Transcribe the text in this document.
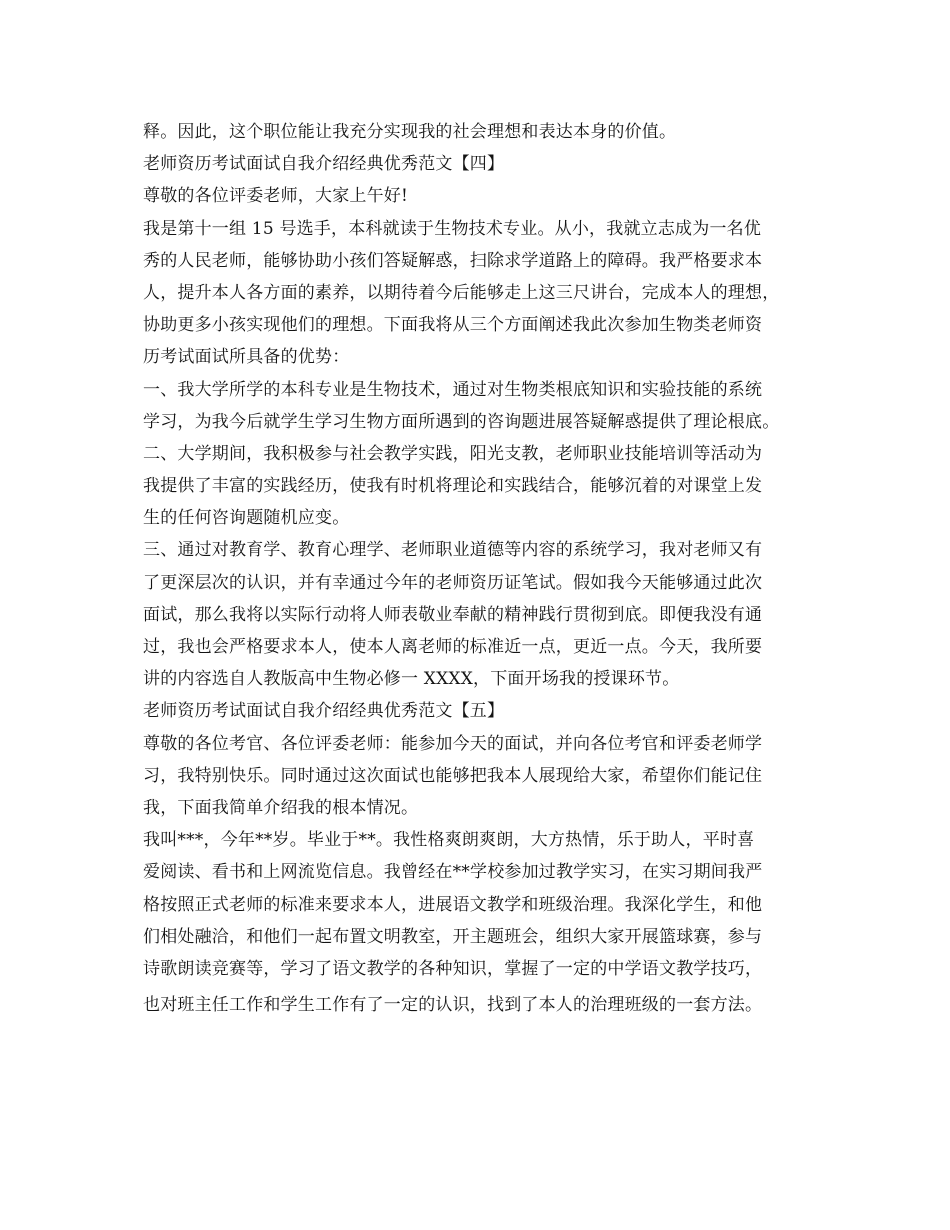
释。因此，这个职位能让我充分实现我的社会理想和表达本身的价值。
老师资历考试面试自我介绍经典优秀范文【四】
尊敬的各位评委老师，大家上午好!
我是第十一组 15 号选手，本科就读于生物技术专业。从小，我就立志成为一名优
秀的人民老师，能够协助小孩们答疑解惑，扫除求学道路上的障碍。我严格要求本
人，提升本人各方面的素养，以期待着今后能够走上这三尺讲台，完成本人的理想，
协助更多小孩实现他们的理想。下面我将从三个方面阐述我此次参加生物类老师资
历考试面试所具备的优势：
一、我大学所学的本科专业是生物技术，通过对生物类根底知识和实验技能的系统
学习，为我今后就学生学习生物方面所遇到的咨询题进展答疑解惑提供了理论根底。
二、大学期间，我积极参与社会教学实践，阳光支教，老师职业技能培训等活动为
我提供了丰富的实践经历，使我有时机将理论和实践结合，能够沉着的对课堂上发
生的任何咨询题随机应变。
三、通过对教育学、教育心理学、老师职业道德等内容的系统学习，我对老师又有
了更深层次的认识，并有幸通过今年的老师资历证笔试。假如我今天能够通过此次
面试，那么我将以实际行动将人师表敬业奉献的精神践行贯彻到底。即便我没有通
过，我也会严格要求本人，使本人离老师的标准近一点，更近一点。今天，我所要
讲的内容选自人教版高中生物必修一 XXXX，下面开场我的授课环节。
老师资历考试面试自我介绍经典优秀范文【五】
尊敬的各位考官、各位评委老师：能参加今天的面试，并向各位考官和评委老师学
习，我特别快乐。同时通过这次面试也能够把我本人展现给大家，希望你们能记住
我，下面我简单介绍我的根本情况。
我叫***，今年**岁。毕业于**。我性格爽朗爽朗，大方热情，乐于助人，平时喜
爱阅读、看书和上网流览信息。我曾经在**学校参加过教学实习，在实习期间我严
格按照正式老师的标准来要求本人，进展语文教学和班级治理。我深化学生，和他
们相处融洽，和他们一起布置文明教室，开主题班会，组织大家开展篮球赛，参与
诗歌朗读竞赛等，学习了语文教学的各种知识，掌握了一定的中学语文教学技巧，
也对班主任工作和学生工作有了一定的认识，找到了本人的治理班级的一套方法。
